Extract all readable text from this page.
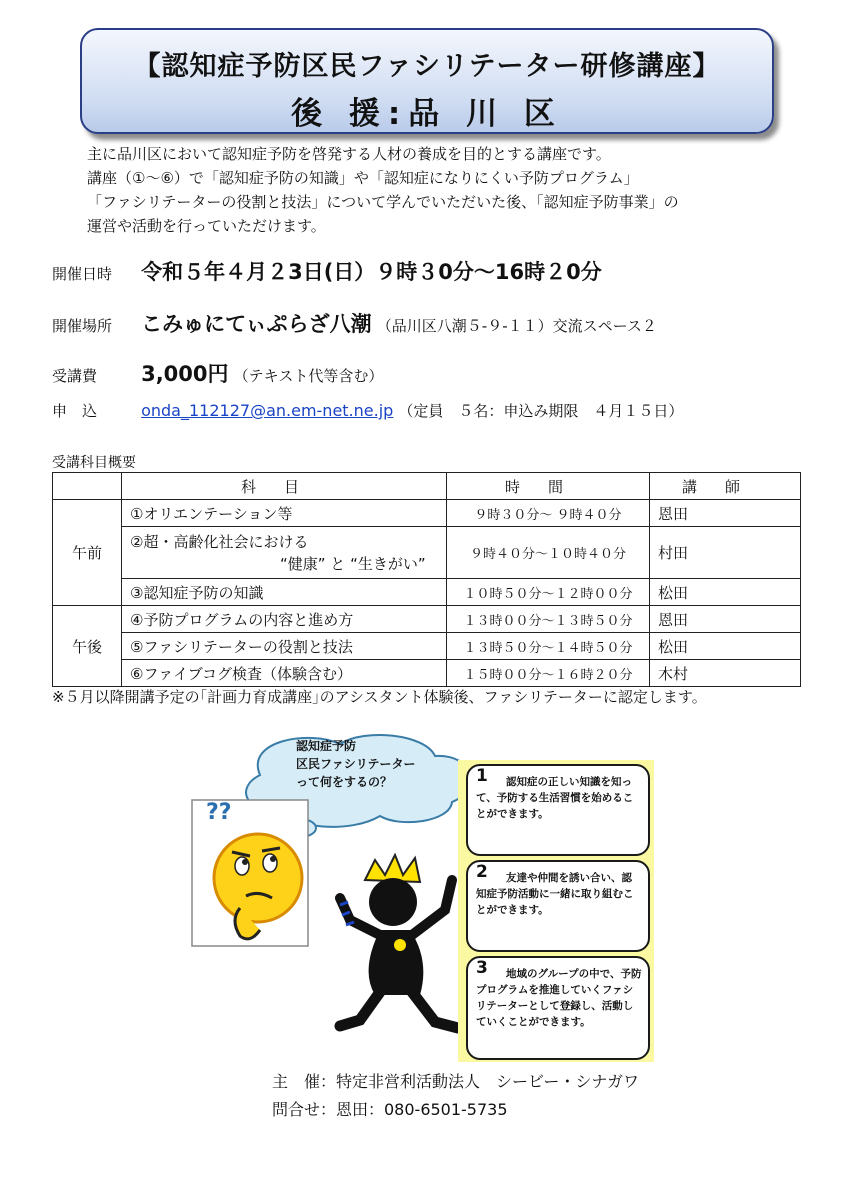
【認知症予防区民ファシリテーター研修講座】
後 援:品 川 区
主に品川区において認知症予防を啓発する人材の養成を目的とする講座です。
講座（①～⑥）で「認知症予防の知識」や「認知症になりにくい予防プログラム」
「ファシリテーターの役割と技法」について学んでいただいた後、「認知症予防事業」の
運営や活動を行っていただけます。
開催日時 令和５年４月２3日(日）９時３0分～16時２0分
開催場所 こみゅにてぃぷらざ八潮 （品川区八潮５-９-１１）交流スペース２
受講費 3,000円 （テキスト代等含む）
申　込	onda_112127@an.em-net.ne.jp （定員　５名：申込み期限　４月１５日）
受講科目概要
	科目	時間	講師
午前	①オリエンテーション等	９時３０分～ ９時４０分	恩田

	②超・高齢化社会における
“健康” と “生きがい”	９時４０分～１０時４０分	村田
	③認知症予防の知識	１０時５０分～１２時００分	松田
午後	④予防プログラムの内容と進め方	１３時００分～１３時５０分	恩田
	⑤ファシリテーターの役割と技法	１３時５０分～１４時５０分	松田
	⑥ファイブコグ検査（体験含む）	１５時００分～１６時２０分	木村
※５月以降開講予定の｢計画力育成講座｣のアシスタント体験後、ファシリテーターに認定します。
??
認知症予防
区民ファシリテーター
って何をするの？	1	認知症の正しい知識を知って、予防する生活習慣を始めることができます。
2	友達や仲間を誘い合い、認知症予防活動に一緒に取り組むことができます。
3	地域のグループの中で、予防プログラムを推進していくファシリテーターとして登録し、活動していくことができます。
主　催：特定非営利活動法人　シービー・シナガワ
問合せ：恩田：080-6501-5735
